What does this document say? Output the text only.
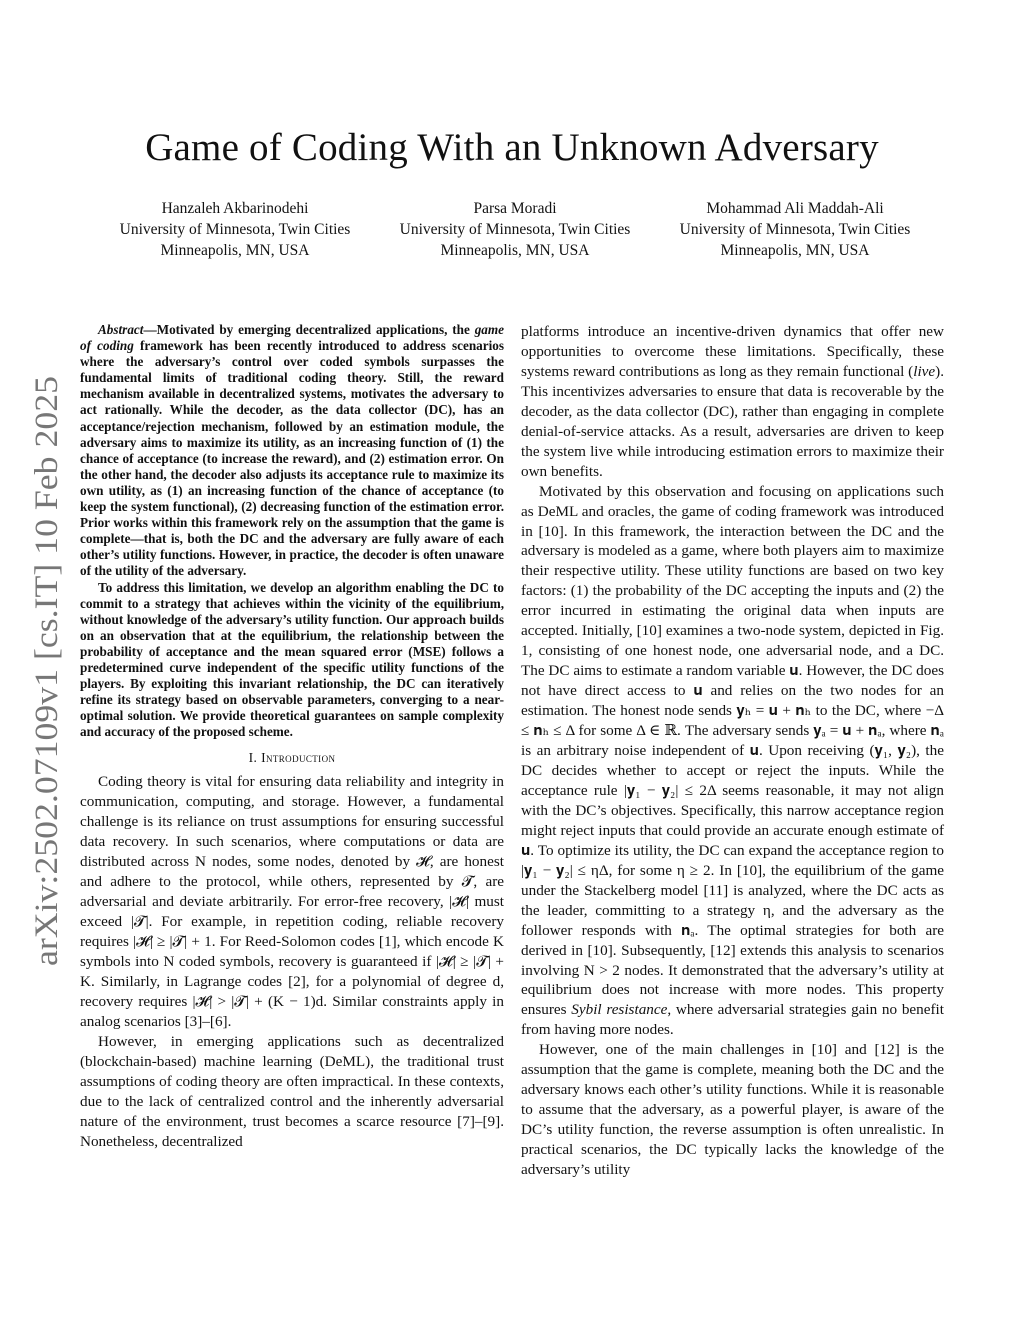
arXiv:2502.07109v1 [cs.IT] 10 Feb 2025
Game of Coding With an Unknown Adversary
Hanzaleh Akbarinodehi
University of Minnesota, Twin Cities
Minneapolis, MN, USA
Parsa Moradi
University of Minnesota, Twin Cities
Minneapolis, MN, USA
Mohammad Ali Maddah-Ali
University of Minnesota, Twin Cities
Minneapolis, MN, USA

Abstract—Motivated by emerging decentralized applications, the game of coding framework has been recently introduced to address scenarios where the adversary’s control over coded symbols surpasses the fundamental limits of traditional coding theory. Still, the reward mechanism available in decentralized systems, motivates the adversary to act rationally. While the decoder, as the data collector (DC), has an acceptance/rejection mechanism, followed by an estimation module, the adversary aims to maximize its utility, as an increasing function of (1) the chance of acceptance (to increase the reward), and (2) estimation error. On the other hand, the decoder also adjusts its acceptance rule to maximize its own utility, as (1) an increasing function of the chance of acceptance (to keep the system functional), (2) decreasing function of the estimation error. Prior works within this framework rely on the assumption that the game is complete—that is, both the DC and the adversary are fully aware of each other’s utility functions. However, in practice, the decoder is often unaware of the utility of the adversary.

To address this limitation, we develop an algorithm enabling the DC to commit to a strategy that achieves within the vicinity of the equilibrium, without knowledge of the adversary’s utility function. Our approach builds on an observation that at the equilibrium, the relationship between the probability of acceptance and the mean squared error (MSE) follows a predetermined curve independent of the specific utility functions of the players. By exploiting this invariant relationship, the DC can iteratively refine its strategy based on observable parameters, converging to a near-optimal solution. We provide theoretical guarantees on sample complexity and accuracy of the proposed scheme.

I. Introduction

Coding theory is vital for ensuring data reliability and integrity in communication, computing, and storage. However, a fundamental challenge is its reliance on trust assumptions for ensuring successful data recovery. In such scenarios, where computations or data are distributed across N nodes, some nodes, denoted by 𝓗, are honest and adhere to the protocol, while others, represented by 𝓣, are adversarial and deviate arbitrarily. For error-free recovery, |𝓗| must exceed |𝓣|. For example, in repetition coding, reliable recovery requires |𝓗| ≥ |𝓣| + 1. For Reed-Solomon codes [1], which encode K symbols into N coded symbols, recovery is guaranteed if |𝓗| ≥ |𝓣| + K. Similarly, in Lagrange codes [2], for a polynomial of degree d, recovery requires |𝓗| > |𝓣| + (K − 1)d. Similar constraints apply in analog scenarios [3]–[6].

However, in emerging applications such as decentralized (blockchain-based) machine learning (DeML), the traditional trust assumptions of coding theory are often impractical. In these contexts, due to the lack of centralized control and the inherently adversarial nature of the environment, trust becomes a scarce resource [7]–[9]. Nonetheless, decentralized

platforms introduce an incentive-driven dynamics that offer new opportunities to overcome these limitations. Specifically, these systems reward contributions as long as they remain functional (live). This incentivizes adversaries to ensure that data is recoverable by the decoder, as the data collector (DC), rather than engaging in complete denial-of-service attacks. As a result, adversaries are driven to keep the system live while introducing estimation errors to maximize their own benefits.

Motivated by this observation and focusing on applications such as DeML and oracles, the game of coding framework was introduced in [10]. In this framework, the interaction between the DC and the adversary is modeled as a game, where both players aim to maximize their respective utility. These utility functions are based on two key factors: (1) the probability of the DC accepting the inputs and (2) the error incurred in estimating the original data when inputs are accepted. Initially, [10] examines a two-node system, depicted in Fig. 1, consisting of one honest node, one adversarial node, and a DC. The DC aims to estimate a random variable 𝐮. However, the DC does not have direct access to 𝐮 and relies on the two nodes for an estimation. The honest node sends 𝐲ₕ = 𝐮 + 𝐧ₕ to the DC, where −Δ ≤ 𝐧ₕ ≤ Δ for some Δ ∈ ℝ. The adversary sends 𝐲ₐ = 𝐮 + 𝐧ₐ, where 𝐧ₐ is an arbitrary noise independent of 𝐮. Upon receiving (𝐲₁, 𝐲₂), the DC decides whether to accept or reject the inputs. While the acceptance rule |𝐲₁ − 𝐲₂| ≤ 2Δ seems reasonable, it may not align with the DC’s objectives. Specifically, this narrow acceptance region might reject inputs that could provide an accurate enough estimate of 𝐮. To optimize its utility, the DC can expand the acceptance region to |𝐲₁ − 𝐲₂| ≤ ηΔ, for some η ≥ 2. In [10], the equilibrium of the game under the Stackelberg model [11] is analyzed, where the DC acts as the leader, committing to a strategy η, and the adversary as the follower responds with 𝐧ₐ. The optimal strategies for both are derived in [10]. Subsequently, [12] extends this analysis to scenarios involving N > 2 nodes. It demonstrated that the adversary’s utility at equilibrium does not increase with more nodes. This property ensures Sybil resistance, where adversarial strategies gain no benefit from having more nodes.

However, one of the main challenges in [10] and [12] is the assumption that the game is complete, meaning both the DC and the adversary knows each other’s utility functions. While it is reasonable to assume that the adversary, as a powerful player, is aware of the DC’s utility function, the reverse assumption is often unrealistic. In practical scenarios, the DC typically lacks the knowledge of the adversary’s utility
